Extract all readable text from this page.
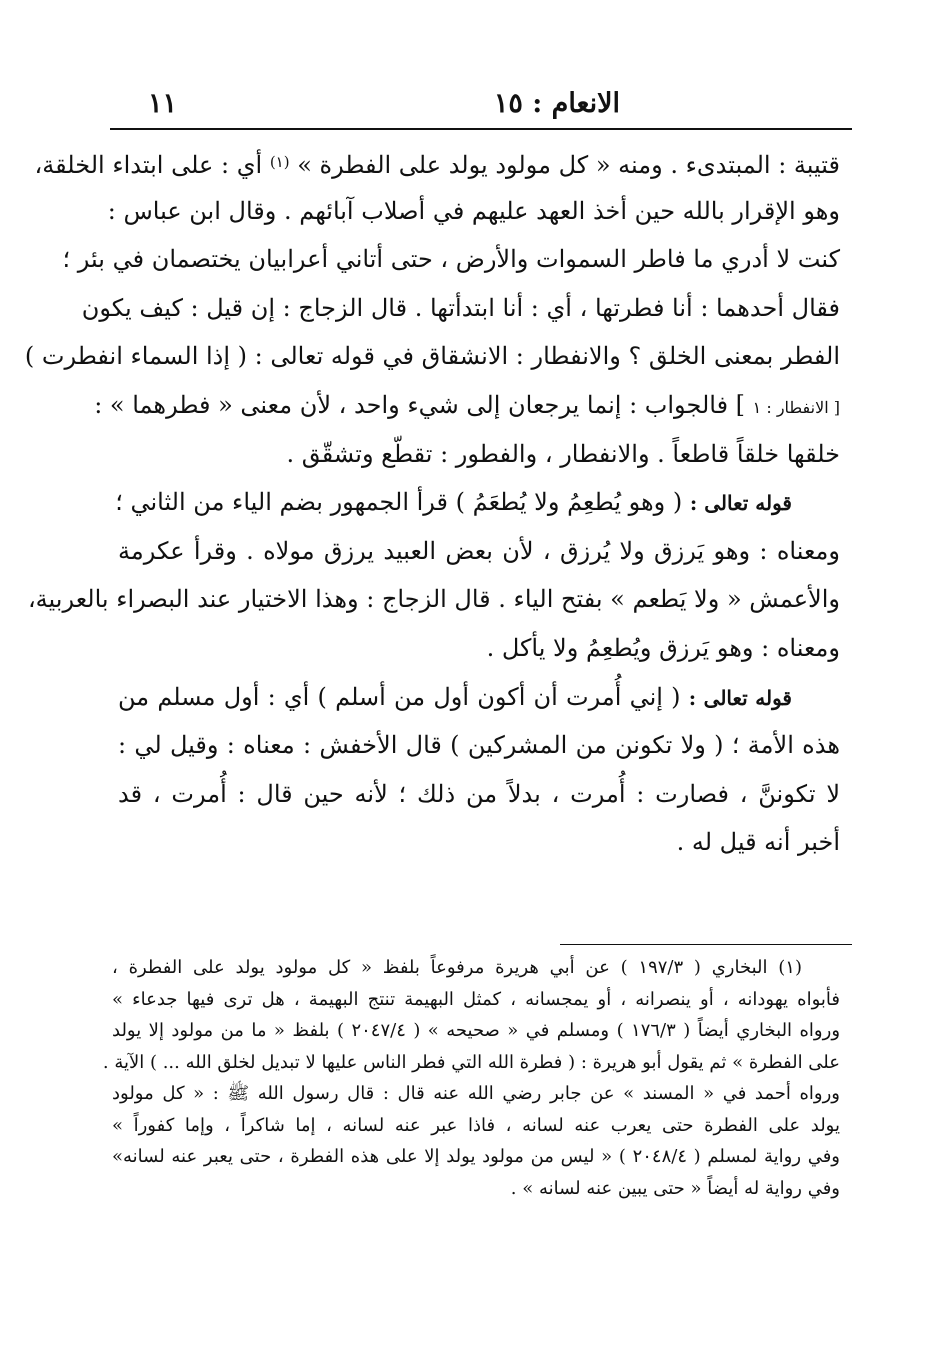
الانعام : ١٥
١١
قتيبة : المبتدىء . ومنه « كل مولود يولد على الفطرة » $^{(١)}$ أي : على ابتداء الخلقة،
وهو الإقرار بالله حين أخذ العهد عليهم في أصلاب آبائهم . وقال ابن عباس :
كنت لا أدري ما فاطر السموات والأرض ، حتى أتاني أعرابيان يختصمان في بئر ؛
فقال أحدهما : أنا فطرتها ، أي : أنا ابتدأتها . قال الزجاج : إن قيل : كيف يكون
الفطر بمعنى الخلق ؟ والانفطار : الانشقاق في قوله تعالى : ( إذا السماء انفطرت )
[ الانفطار : ١ ] فالجواب : إنما يرجعان إلى شيء واحد ، لأن معنى « فطرهما » :
خلقها خلقاً قاطعاً . والانفطار ، والفطور : تقطّع وتشقّق .
قوله تعالى : ( وهو يُطعِمُ ولا يُطعَمُ ) قرأ الجمهور بضم الياء من الثاني ؛
ومعناه : وهو يَرزق ولا يُرزق ، لأن بعض العبيد يرزق مولاه . وقرأ عكرمة
والأعمش « ولا يَطعم » بفتح الياء . قال الزجاج : وهذا الاختيار عند البصراء بالعربية،
ومعناه : وهو يَرزق ويُطعِمُ ولا يأكل .
قوله تعالى : ( إني أُمرت أن أكون أول من أسلم ) أي : أول مسلم من
هذه الأمة ؛ ( ولا تكونن من المشركين ) قال الأخفش : معناه : وقيل لي :
لا تكوننَّ ، فصارت : أُمرت ، بدلاً من ذلك ؛ لأنه حين قال : أُمرت ، قد
أخبر أنه قيل له .
(١) البخاري ( ١٩٧/٣ ) عن أبي هريرة مرفوعاً بلفظ « كل مولود يولد على الفطرة ،
فأبواه يهودانه ، أو ينصرانه ، أو يمجسانه ، كمثل البهيمة تنتج البهيمة ، هل ترى فيها جدعاء »
ورواه البخاري أيضاً ( ١٧٦/٣ ) ومسلم في « صحيحه » ( ٢٠٤٧/٤ ) بلفظ « ما من مولود إلا يولد
على الفطرة » ثم يقول أبو هريرة : ( فطرة الله التي فطر الناس عليها لا تبديل لخلق الله ... ) الآية .
ورواه أحمد في « المسند » عن جابر رضي الله عنه قال : قال رسول الله ﷺ : « كل مولود
يولد على الفطرة حتى يعرب عنه لسانه ، فاذا عبر عنه لسانه ، إما شاكراً ، وإما كفوراً »
وفي رواية لمسلم ( ٢٠٤٨/٤ ) « ليس من مولود يولد إلا على هذه الفطرة ، حتى يعبر عنه لسانه»
وفي رواية له أيضاً « حتى يبين عنه لسانه » .
